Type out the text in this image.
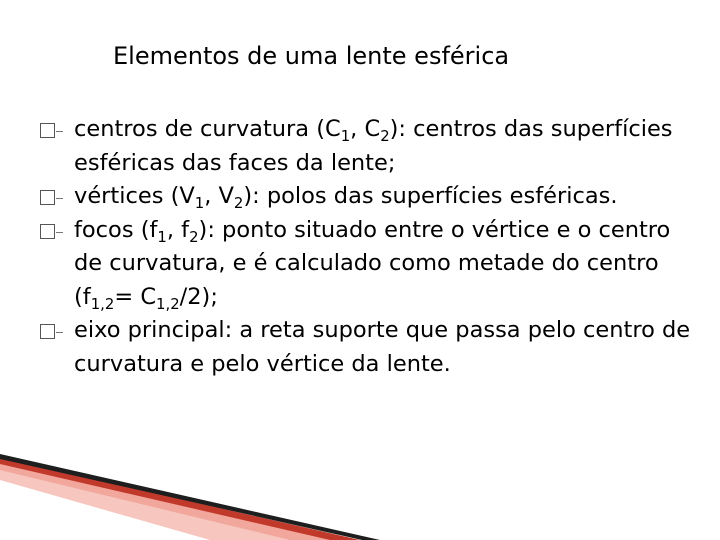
Elementos de uma lente esférica
centros de curvatura ($C_1$, $C_2$): centros das superfícies esféricas das faces da lente;
vértices ($V_1$, $V_2$): polos das superfícies esféricas.
focos ($f_1$, $f_2$): ponto situado entre o vértice e o centro de curvatura, e é calculado como metade do centro $(f_{1,2}= C_{1,2}/2)$;
eixo principal: a reta suporte que passa pelo centro de curvatura e pelo vértice da lente.
